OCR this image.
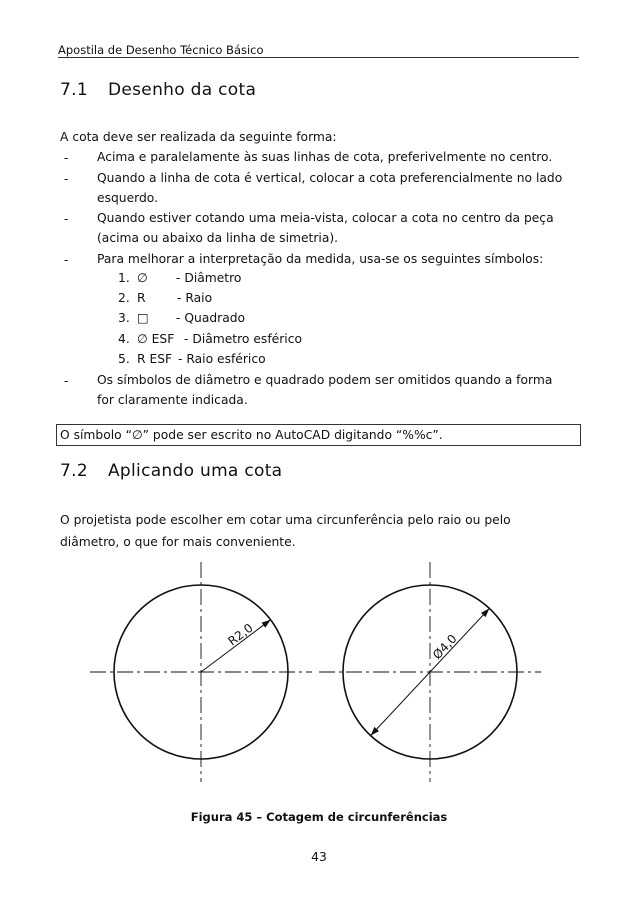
Apostila de Desenho Técnico Básico
7.1 Desenho da cota
A cota deve ser realizada da seguinte forma:
- Acima e paralelamente às suas linhas de cota, preferivelmente no centro.
- Quando a linha de cota é vertical, colocar a cota preferencialmente no lado
esquerdo.
- Quando estiver cotando uma meia-vista, colocar a cota no centro da peça
(acima ou abaixo da linha de simetria).
- Para melhorar a interpretação da medida, usa-se os seguintes símbolos:
1. ∅ - Diâmetro
2. R	- Raio
3. □ - Quadrado
4. ∅ ESF - Diâmetro esférico
5. R ESF - Raio esférico
- Os símbolos de diâmetro e quadrado podem ser omitidos quando a forma
for claramente indicada.
O símbolo “∅” pode ser escrito no AutoCAD digitando “%%c”.
7.2 Aplicando uma cota
O projetista pode escolher em cotar uma circunferência pelo raio ou pelo
diâmetro, o que for mais conveniente.
R2,0	Ø4,0
Figura 45 – Cotagem de circunferências
43
